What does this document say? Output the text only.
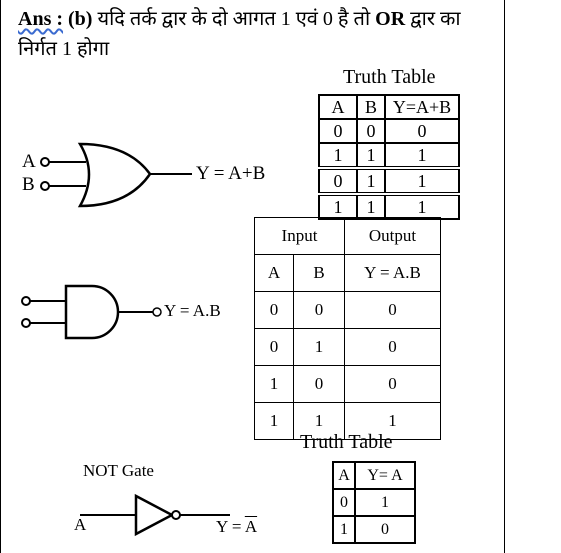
Ans : (b) यदि तर्क द्वार के दो आगत 1 एवं 0 है तो OR द्वार का निर्गत 1 होगा
Truth Table
A	B	Y=A+B
0	0	0
1	1	1
0	1	1
1	1	1
A
B
Y = A+B
Input		Output
A	B	Y = A.B
0	0	0
0	1	0
1	0	0
1	1	1
Y = A.B
Truth Table
NOT Gate
A	$Y = \overline{A}$
A	Y= A
0	1
1	0
